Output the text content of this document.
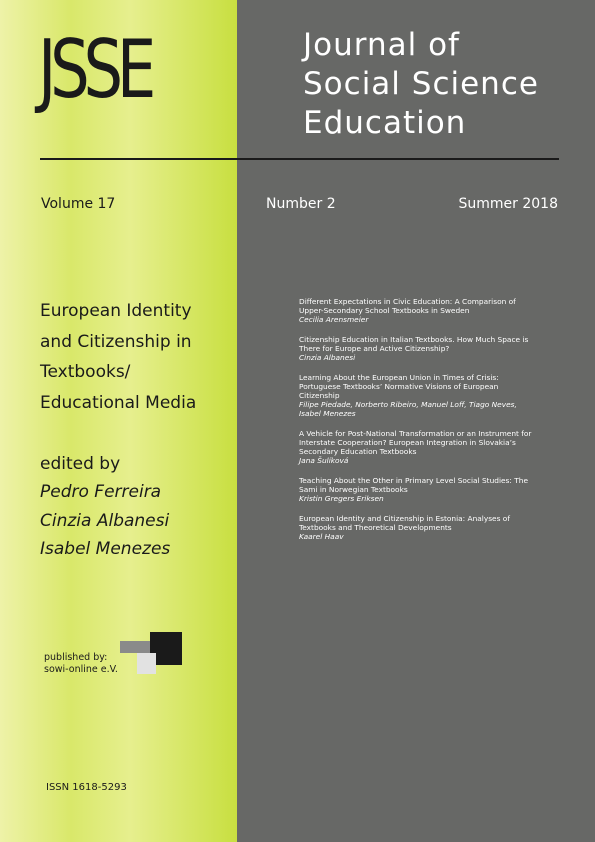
JSSE	Journal of
Social Science
Education
Volume 17	Number 2	Summer 2018
European Identity
and Citizenship in
Textbooks/
Educational Media
edited by
Pedro Ferreira
Cinzia Albanesi
Isabel Menezes
published by:
sowi-online e.V.
ISSN 1618-5293
Different Expectations in Civic Education: A Comparison of Upper-Secondary School Textbooks in Sweden
Cecilia Arensmeier
Citizenship Education in Italian Textbooks. How Much Space is There for Europe and Active Citizenship?
Cinzia Albanesi
Learning About the European Union in Times of Crisis: Portuguese Textbooks’ Normative Visions of European Citizenship
Filipe Piedade, Norberto Ribeiro, Manuel Loff, Tiago Neves, Isabel Menezes
A Vehicle for Post-National Transformation or an Instrument for Interstate Cooperation? European Integration in Slovakia’s Secondary Education Textbooks
Jana Šulíková
Teaching About the Other in Primary Level Social Studies: The Sami in Norwegian Textbooks
Kristin Gregers Eriksen
European Identity and Citizenship in Estonia: Analyses of Textbooks and Theoretical Developments
Kaarel Haav
